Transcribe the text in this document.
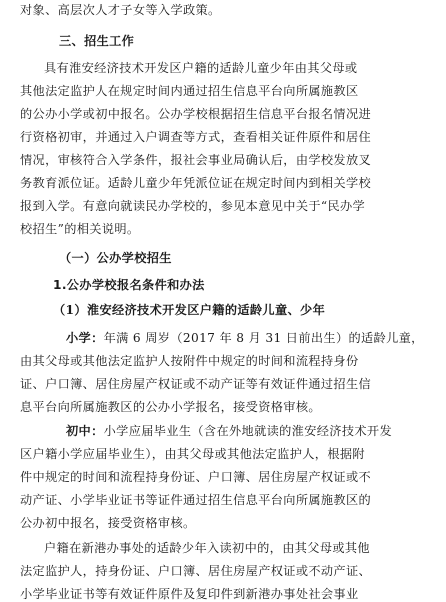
对象、高层次人才子女等入学政策。
三、招生工作
具有淮安经济技术开发区户籍的适龄儿童少年由其父母或
其他法定监护人在规定时间内通过招生信息平台向所属施教区
的公办小学或初中报名。公办学校根据招生信息平台报名情况进
行资格初审，并通过入户调查等方式，查看相关证件原件和居住
情况，审核符合入学条件，报社会事业局确认后，由学校发放叉
务教育派位证。适龄儿童少年凭派位证在规定时间内到相关学校
报到入学。有意向就读民办学校的，参见本意见中关于“民办学
校招生”的相关说明。
（一）公办学校招生
1.公办学校报名条件和办法
（1）淮安经济技术开发区户籍的适龄儿童、少年
小学：年满 6 周岁（2017 年 8 月 31 日前出生）的适龄儿童，
由其父母或其他法定监护人按附件中规定的时间和流程持身份
证、户口簿、居住房屋产权证或不动产证等有效证件通过招生信
息平台向所属施教区的公办小学报名，接受资格审核。
初中：小学应届毕业生（含在外地就读的淮安经济技术开发
区户籍小学应届毕业生），由其父母或其他法定监护人，根据附
件中规定的时间和流程持身份证、户口簿、居住房屋产权证或不
动产证、小学毕业证书等证件通过招生信息平台向所属施教区的
公办初中报名，接受资格审核。
户籍在新港办事处的适龄少年入读初中的，由其父母或其他
法定监护人，持身份证、户口簿、居住房屋产权证或不动产证、
小学毕业证书等有效证件原件及复印件到新港办事处社会事业
